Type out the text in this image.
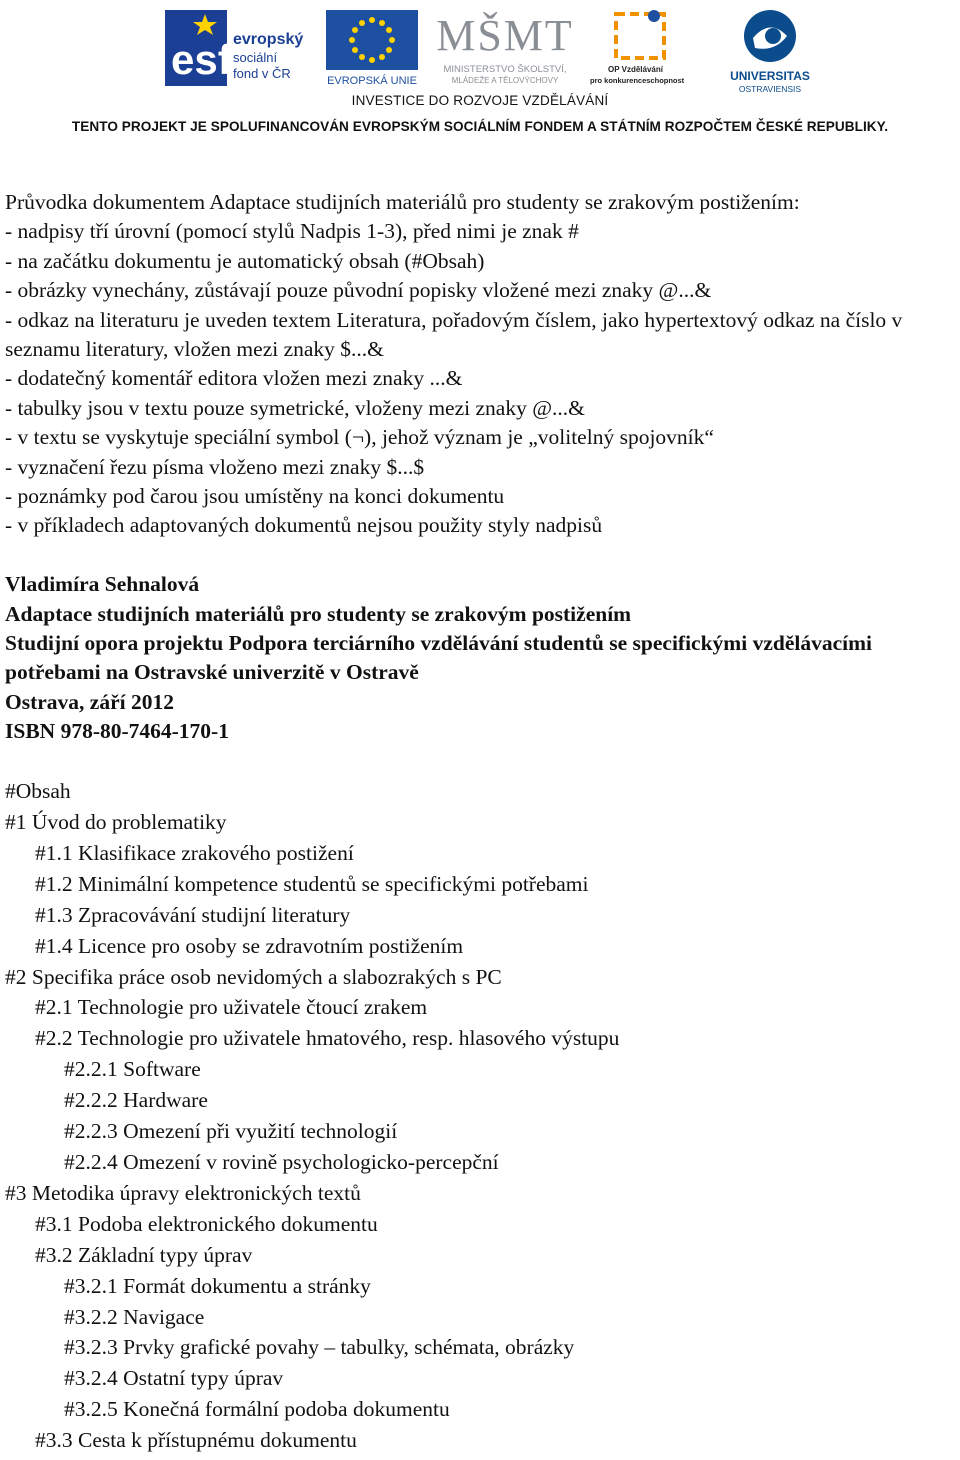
esf evropský
sociální
fond v ČR	EVROPSKÁ UNIE
MŠMT
MINISTERSTVO ŠKOLSTVÍ,
MLÁDEŽE A TĚLOVÝCHOVY
OP Vzdělávání
pro konkurenceschopnost	UNIVERSITAS
OSTRAVIENSIS
INVESTICE DO ROZVOJE VZDĚLÁVÁNÍ
TENTO PROJEKT JE SPOLUFINANCOVÁN EVROPSKÝM SOCIÁLNÍM FONDEM A STÁTNÍM ROZPOČTEM ČESKÉ REPUBLIKY.
Průvodka dokumentem Adaptace studijních materiálů pro studenty se zrakovým postižením:
- nadpisy tří úrovní (pomocí stylů Nadpis 1-3), před nimi je znak #
- na začátku dokumentu je automatický obsah (#Obsah)
- obrázky vynechány, zůstávají pouze původní popisky vložené mezi znaky @...&
- odkaz na literaturu je uveden textem Literatura, pořadovým číslem, jako hypertextový odkaz na číslo v seznamu literatury, vložen mezi znaky $...&
- dodatečný komentář editora vložen mezi znaky ...&
- tabulky jsou v textu pouze symetrické, vloženy mezi znaky @...&
- v textu se vyskytuje speciální symbol (¬), jehož význam je „volitelný spojovník“
- vyznačení řezu písma vloženo mezi znaky $...$
- poznámky pod čarou jsou umístěny na konci dokumentu
- v příkladech adaptovaných dokumentů nejsou použity styly nadpisů
Vladimíra Sehnalová
Adaptace studijních materiálů pro studenty se zrakovým postižením
Studijní opora projektu Podpora terciárního vzdělávání studentů se specifickými vzdělávacími potřebami na Ostravské univerzitě v Ostravě
Ostrava, září 2012
ISBN 978-80-7464-170-1
#Obsah
#1 Úvod do problematiky
#1.1 Klasifikace zrakového postižení
#1.2 Minimální kompetence studentů se specifickými potřebami
#1.3 Zpracovávání studijní literatury
#1.4 Licence pro osoby se zdravotním postižením
#2 Specifika práce osob nevidomých a slabozrakých s PC
#2.1 Technologie pro uživatele čtoucí zrakem
#2.2 Technologie pro uživatele hmatového, resp. hlasového výstupu
#2.2.1 Software
#2.2.2 Hardware
#2.2.3 Omezení při využití technologií
#2.2.4 Omezení v rovině psychologicko-percepční
#3 Metodika úpravy elektronických textů
#3.1 Podoba elektronického dokumentu
#3.2 Základní typy úprav
#3.2.1 Formát dokumentu a stránky
#3.2.2 Navigace
#3.2.3 Prvky grafické povahy – tabulky, schémata, obrázky
#3.2.4 Ostatní typy úprav
#3.2.5 Konečná formální podoba dokumentu
#3.3 Cesta k přístupnému dokumentu
